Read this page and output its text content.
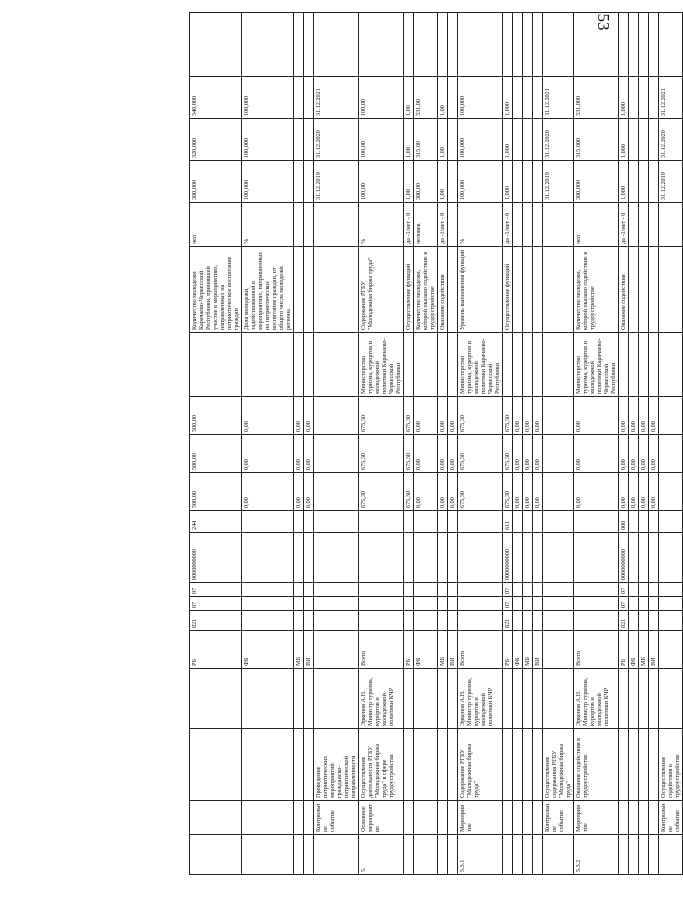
53
				РБ	821	07	07	0000000000	244	500,00	500,00	500,00		Количество молодежи Карачаево-Черкесской Республики, принявшей участие в мероприятиях, направленных на патриотическое воспитание граждан	чел	300,000	320,000	340,000	
				ФБ						0,00	0,00	0,00		Доля молодежи, задействованной в мероприятиях, направленных на патриотическое воспитание граждан, от общего числа молодежи региона	%	100,000	100,000	100,000	
				МБ						0,00	0,00	0,00							
				ВИ						0,00	0,00	0,00							
	Контрольное событие	Проведение патриотических мероприятий гражданско-патриотической направленности														31.12.2019	31.12.2020	31.12.2021	
5.	Основное мероприятие	Осуществление деятельности РГБУ "Молодежная биржа труда" в сфере трудоустройства	Эркенов А.Н. Министр туризма, курортов и молодежной политики КЧР	Всего						675,30	675,30	675,30	Министерство туризма, курортов и молодежной политики Карачаево-Черкесской Республики	Содержание РГБУ "Молодежная биржа труда"	%	100,00	100,00	100,00	
				РБ						675,30	675,30	675,30		Осуществление функций	да -1/нет - 0	1,00	1,00	1,00	
				ФБ						0,00	0,00	0,00		Количество молодежи, которой оказано содействие в трудоустройстве	человек	300,00	315,00	331,00	
				МБ						0,00	0,00	0,00		Оказание содействия	да -1/нет - 0	1,00	1,00	1,00	
				ВИ						0,00	0,00	0,00							
5.3.1	Мероприятие	Содержание РГБУ "Молодежная биржа труда"	Эркенов А.Н. Министр туризма, курортов и молодежной политики КЧР	Всего						675,30	675,30	675,30	Министерство туризма, курортов и молодежной политики Карачаево-Черкесской Республики	Уровень выполнения функций	%	100,000	100,000	100,000	
				РБ	821	07	07	0000000000	611	675,30	675,30	675,30		Осуществление функций	да -1/нет - 0	1,000	1,000	1,000	
				ФБ						0,00	0,00	0,00							
				МБ						0,00	0,00	0,00							
				ВИ						0,00	0,00	0,00							
	Контрольное событие	Осуществление содержания РГБУ "Молодежная биржа труда"														31.12.2019	31.12.2020	31.12.2021	
5.3.2	Мероприятие	Оказание содействия в трудоустройстве	Эркенов А.Н. Министр туризма, курортов и молодежной политики КЧР	Всего						0,00	0,00	0,00	Министерство туризма, курортов и молодежной политики Карачаево-Черкесской Республики	Количество молодежи, которой оказано содействие в трудоустройстве	чел	300,000	315,000	331,000	
				РБ	821	07	07	0000000000	000	0,00	0,00	0,00		Оказание содействия	да -1/нет - 0	1,000	1,000	1,000	
				ФБ						0,00	0,00	0,00							
				МБ						0,00	0,00	0,00							
				ВИ						0,00	0,00	0,00							
	Контрольное событие	Осуществление содействия в трудоустройстве														31.12.2019	31.12.2020	31.12.2021	
